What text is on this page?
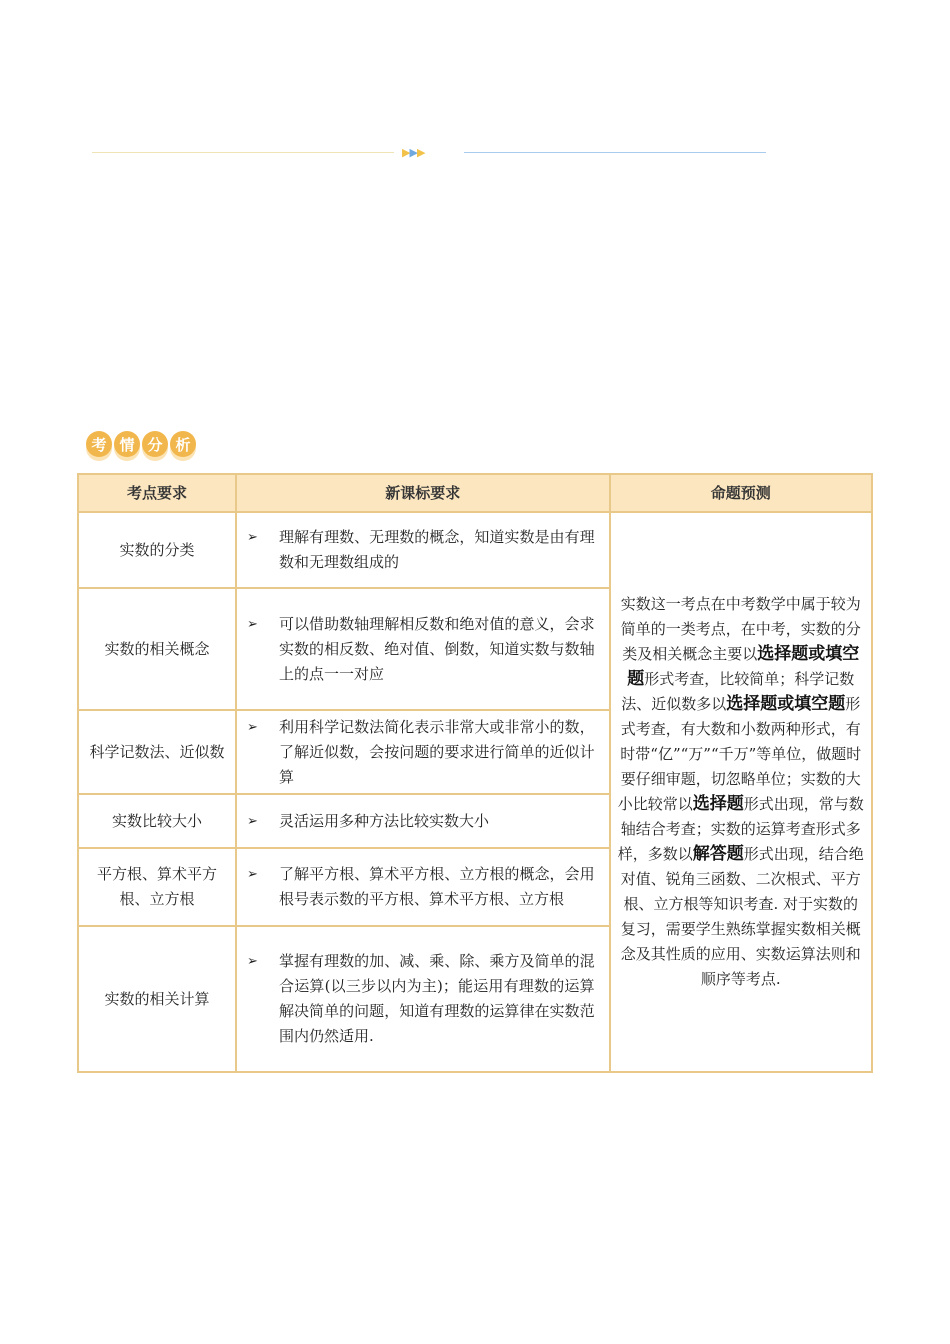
▶▶▶
考 情 分 析
考点要求	新课标要求	命题预测
实数的分类	➢ 理解有理数、无理数的概念，知道实数是由有理数和无理数组成的	实数这一考点在中考数学中属于较为简单的一类考点，在中考，实数的分类及相关概念主要以选择题或填空题形式考查，比较简单；科学记数法、近似数多以选择题或填空题形式考查，有大数和小数两种形式，有时带“亿”“万”“千万”等单位，做题时要仔细审题，切忽略单位；实数的大小比较常以选择题形式出现，常与数轴结合考查；实数的运算考查形式多样，多数以解答题形式出现，结合绝对值、锐角三函数、二次根式、平方根、立方根等知识考查. 对于实数的复习，需要学生熟练掌握实数相关概念及其性质的应用、实数运算法则和顺序等考点.

实数的相关概念	➢ 可以借助数轴理解相反数和绝对值的意义，会求实数的相反数、绝对值、倒数，知道实数与数轴上的点一一对应	

科学记数法、近似数	➢ 利用科学记数法简化表示非常大或非常小的数，了解近似数，会按问题的要求进行简单的近似计算	

实数比较大小	➢ 灵活运用多种方法比较实数大小	

平方根、算术平方根、立方根	➢ 了解平方根、算术平方根、立方根的概念，会用根号表示数的平方根、算术平方根、立方根	

实数的相关计算	➢ 掌握有理数的加、减、乘、除、乘方及简单的混合运算(以三步以内为主)；能运用有理数的运算解决简单的问题，知道有理数的运算律在实数范围内仍然适用.	
